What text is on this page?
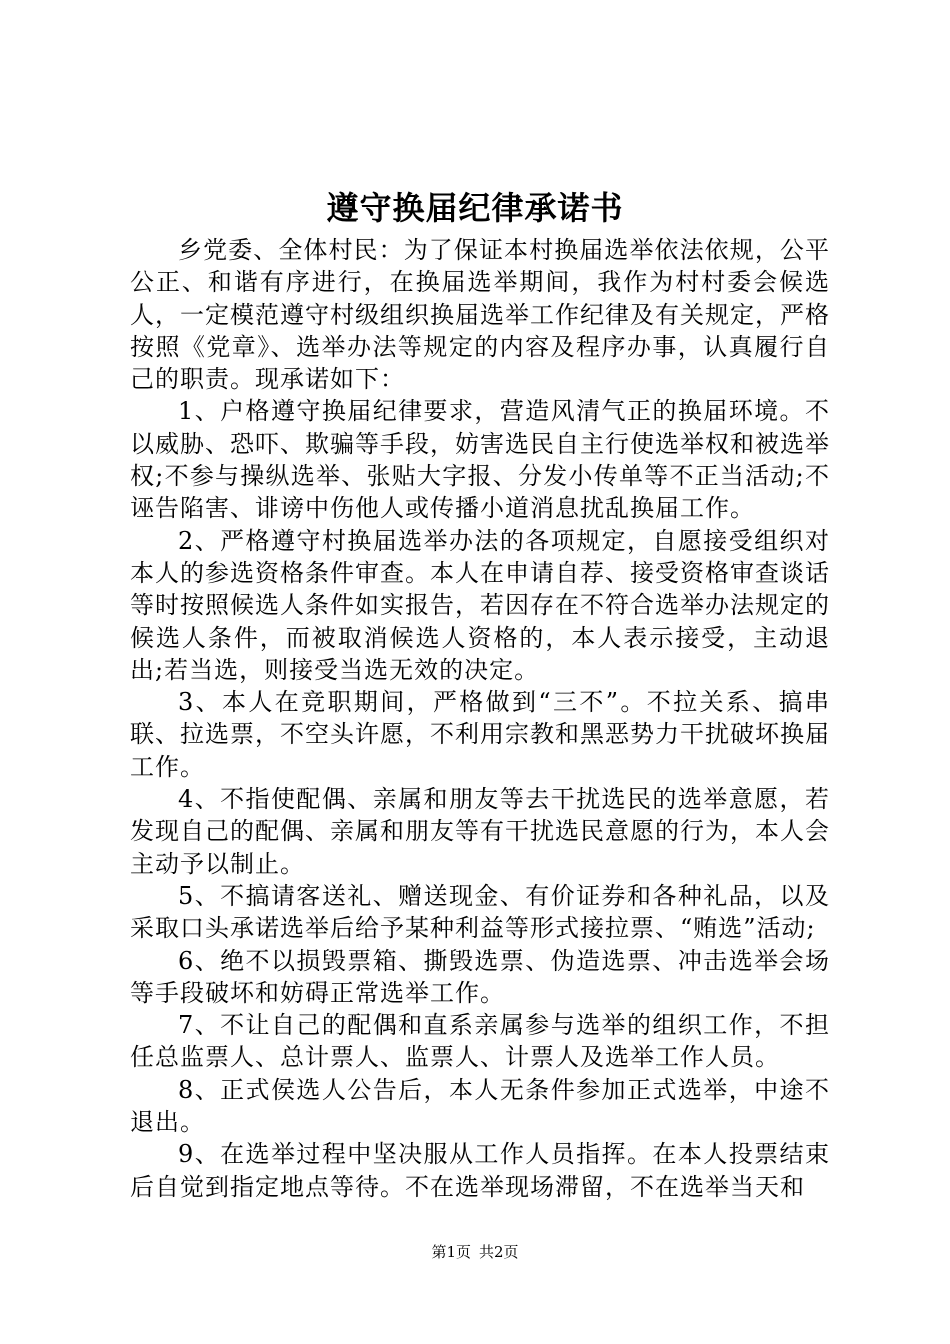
遵守换届纪律承诺书

乡党委、全体村民：为了保证本村换届选举依法依规，公平公正、和谐有序进行，在换届选举期间，我作为村村委会候选人，一定模范遵守村级组织换届选举工作纪律及有关规定，严格按照《党章》、选举办法等规定的内容及程序办事，认真履行自己的职责。现承诺如下：

1、户格遵守换届纪律要求，营造风清气正的换届环境。不以威胁、恐吓、欺骗等手段，妨害选民自主行使选举权和被选举权;不参与操纵选举、张贴大字报、分发小传单等不正当活动;不诬告陷害、诽谤中伤他人或传播小道消息扰乱换届工作。

2、严格遵守村换届选举办法的各项规定，自愿接受组织对本人的参选资格条件审查。本人在申请自荐、接受资格审查谈话等时按照候选人条件如实报告，若因存在不符合选举办法规定的候选人条件，而被取消候选人资格的，本人表示接受，主动退出;若当选，则接受当选无效的决定。

3、本人在竞职期间，严格做到“三不”。不拉关系、搞串联、拉选票，不空头许愿，不利用宗教和黑恶势力干扰破坏换届工作。

4、不指使配偶、亲属和朋友等去干扰选民的选举意愿，若发现自己的配偶、亲属和朋友等有干扰选民意愿的行为，本人会主动予以制止。

5、不搞请客送礼、赠送现金、有价证券和各种礼品，以及采取口头承诺选举后给予某种利益等形式接拉票、“贿选”活动;

6、绝不以损毁票箱、撕毁选票、伪造选票、冲击选举会场等手段破坏和妨碍正常选举工作。

7、不让自己的配偶和直系亲属参与选举的组织工作，不担任总监票人、总计票人、监票人、计票人及选举工作人员。

8、正式侯选人公告后，本人无条件参加正式选举，中途不退出。

9、在选举过程中坚决服从工作人员指挥。在本人投票结束后自觉到指定地点等待。不在选举现场滞留，不在选举当天和

第1页 共2页
